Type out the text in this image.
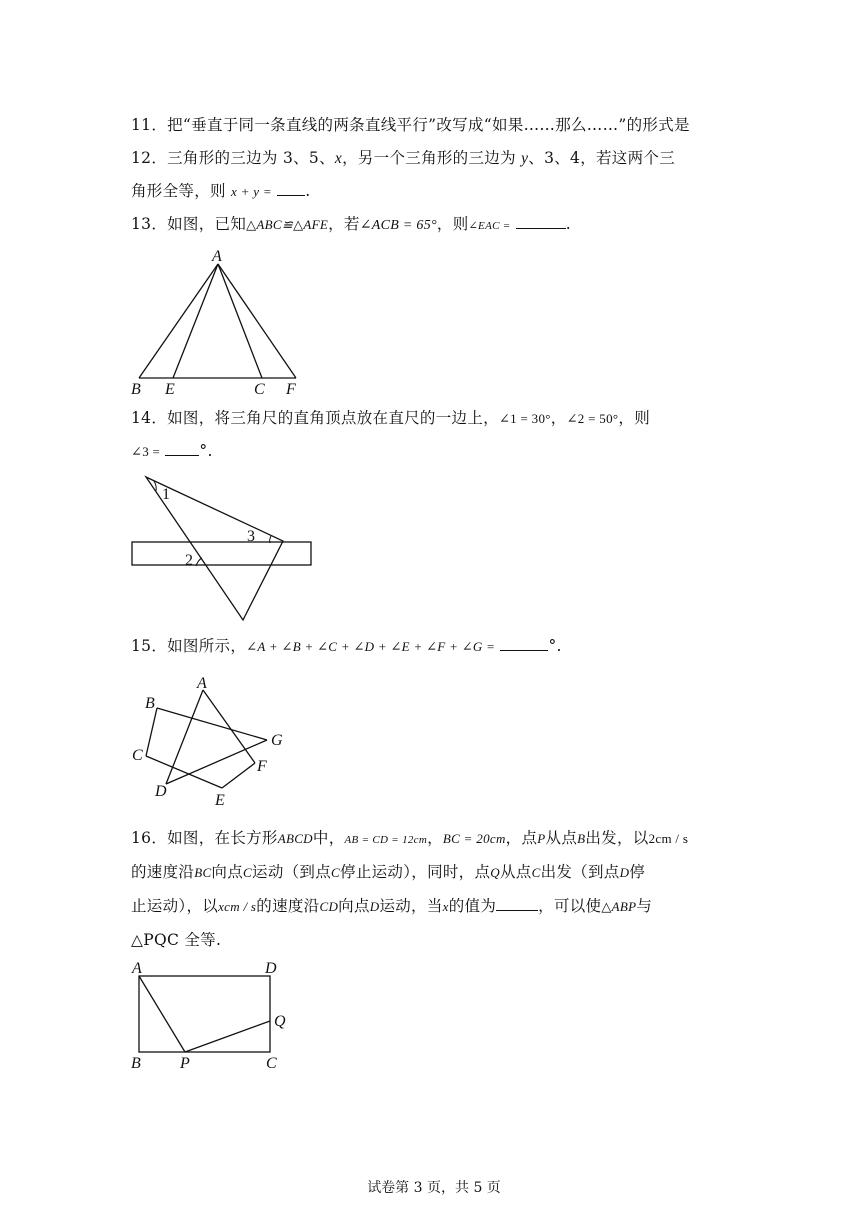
11．把“垂直于同一条直线的两条直线平行”改写成“如果……那么……”的形式是
12．三角形的三边为 3、5、x，另一个三角形的三边为 y、3、4，若这两个三
角形全等，则 x + y = .
13．如图，已知△ABC≌△AFE，若∠ACB = 65°，则∠EAC =	.
A
B E	C F
14．如图，将三角尺的直角顶点放在直尺的一边上，∠1 = 30°，∠2 = 50°，则
∠3 =	°.
1
3
2
15．如图所示，∠A + ∠B + ∠C + ∠D + ∠E + ∠F + ∠G =	°.
A
B
C
D
E
F
G
16．如图，在长方形ABCD中，AB = CD = 12cm，BC = 20cm，点P从点B出发，以2cm / s
的速度沿BC向点C运动（到点C停止运动），同时，点Q从点C出发（到点D停
止运动），以xcm / s的速度沿CD向点D运动，当x的值为	，可以使△ABP与
△PQC 全等.
A	D
Q
B P	C
试卷第 3 页，共 5 页
